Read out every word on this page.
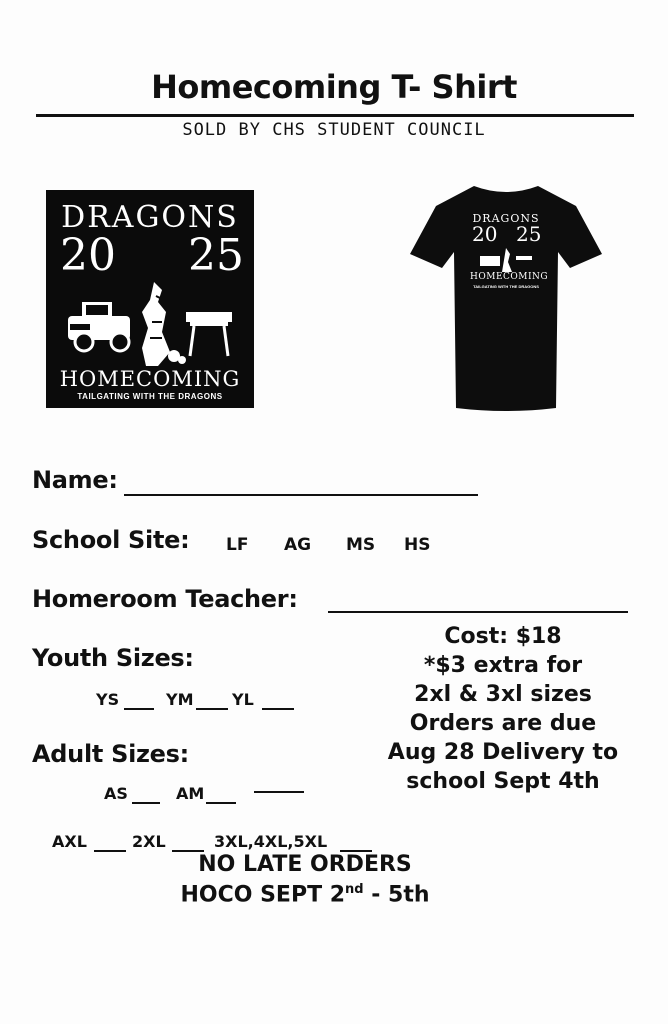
Homecoming T- Shirt
SOLD BY CHS STUDENT COUNCIL
DRAGONS
20 25
HOMECOMING
TAILGATING WITH THE DRAGONS
DRAGONS
20 25
HOMECOMING
TAILGATING WITH THE DRAGONS
Name:
School Site: LF AG MS HS
Homeroom Teacher:
Youth Sizes:
YS	YM YL
Adult Sizes:
AS	AM
AXL	2XL	3XL,4XL,5XL
Cost: $18
*$3 extra for
2xl & 3xl sizes
Orders are due
Aug 28 Delivery to
school Sept 4th
NO LATE ORDERS
HOCO SEPT 2nd - 5th
